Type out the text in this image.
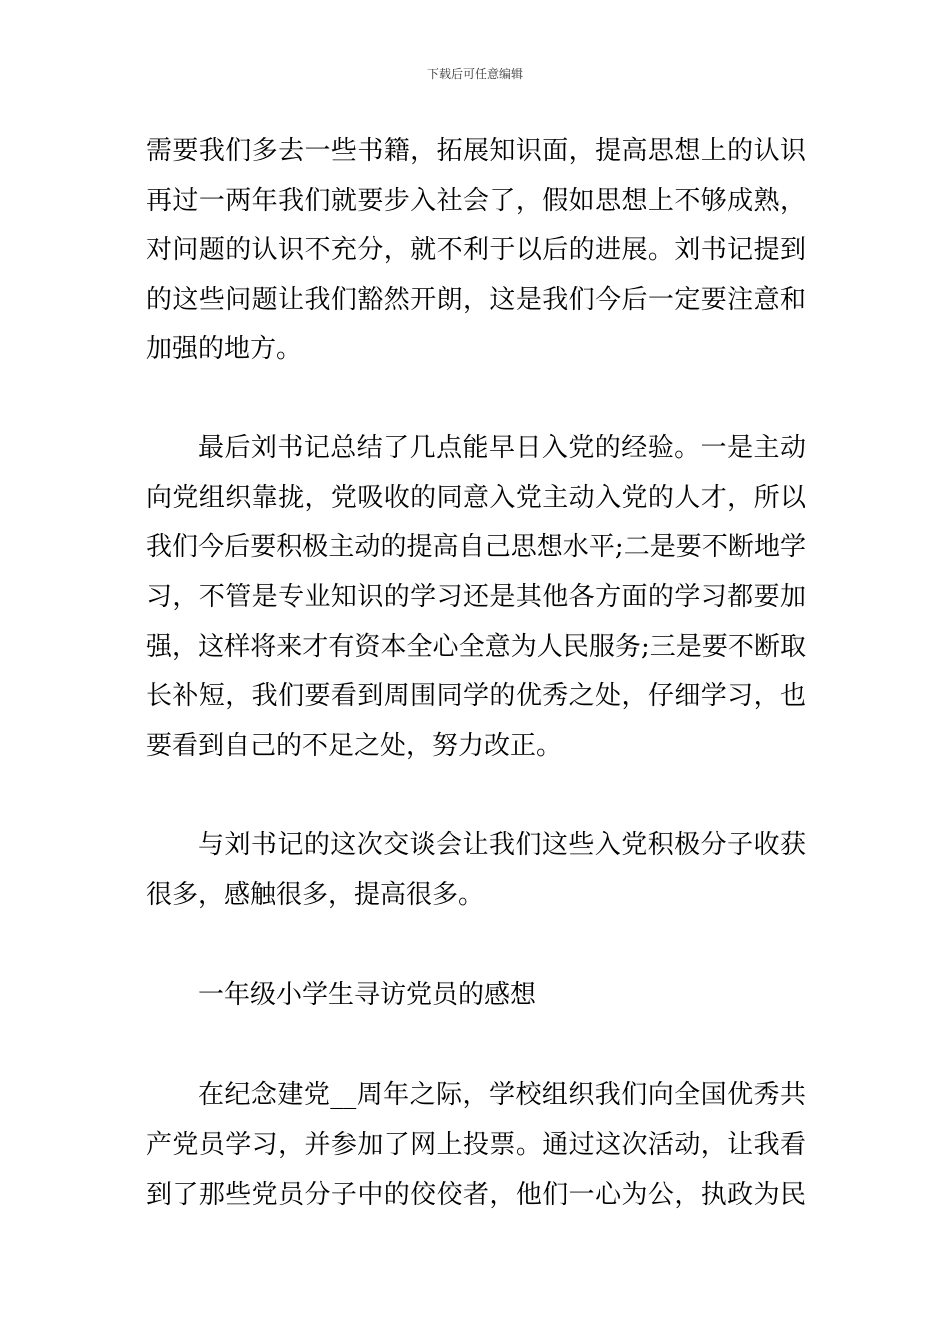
下载后可任意编辑
需要我们多去一些书籍，拓展知识面，提高思想上的认识
再过一两年我们就要步入社会了，假如思想上不够成熟，
对问题的认识不充分，就不利于以后的进展。刘书记提到
的这些问题让我们豁然开朗，这是我们今后一定要注意和
加强的地方。
最后刘书记总结了几点能早日入党的经验。一是主动
向党组织靠拢，党吸收的同意入党主动入党的人才，所以
我们今后要积极主动的提高自己思想水平;二是要不断地学
习，不管是专业知识的学习还是其他各方面的学习都要加
强，这样将来才有资本全心全意为人民服务;三是要不断取
长补短，我们要看到周围同学的优秀之处，仔细学习，也
要看到自己的不足之处，努力改正。
与刘书记的这次交谈会让我们这些入党积极分子收获
很多，感触很多，提高很多。
一年级小学生寻访党员的感想
在纪念建党__周年之际，学校组织我们向全国优秀共
产党员学习，并参加了网上投票。通过这次活动，让我看
到了那些党员分子中的佼佼者，他们一心为公，执政为民
